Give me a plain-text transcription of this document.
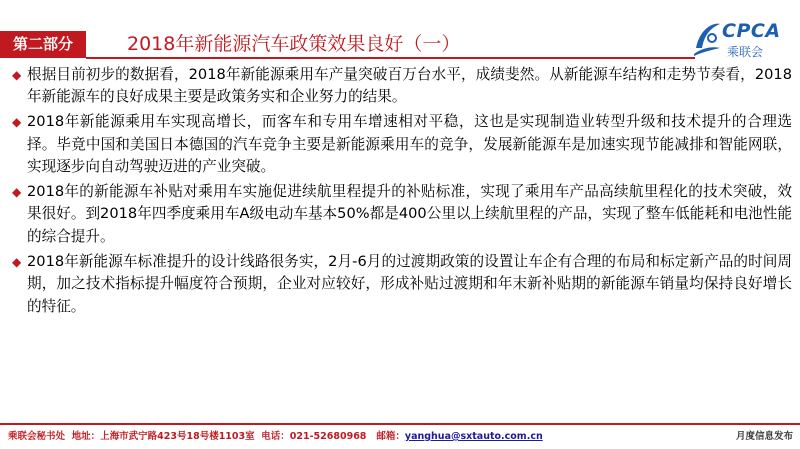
第二部分	2018年新能源汽车政策效果良好（一）
CPCA
乘联会
◆ 根据目前初步的数据看，2018年新能源乘用车产量突破百万台水平，成绩斐然。从新能源车结构和走势节奏看，2018年新能源车的良好成果主要是政策务实和企业努力的结果。
◆ 2018年新能源乘用车实现高增长，而客车和专用车增速相对平稳，这也是实现制造业转型升级和技术提升的合理选择。毕竟中国和美国日本德国的汽车竞争主要是新能源乘用车的竞争，发展新能源车是加速实现节能减排和智能网联，实现逐步向自动驾驶迈进的产业突破。
◆ 2018年的新能源车补贴对乘用车实施促进续航里程提升的补贴标准，实现了乘用车产品高续航里程化的技术突破，效果很好。到2018年四季度乘用车A级电动车基本50%都是400公里以上续航里程的产品，实现了整车低能耗和电池性能的综合提升。
◆ 2018年新能源车标准提升的设计线路很务实，2月-6月的过渡期政策的设置让车企有合理的布局和标定新产品的时间周期，加之技术指标提升幅度符合预期，企业对应较好，形成补贴过渡期和年末新补贴期的新能源车销量均保持良好增长的特征。
乘联会秘书处 地址：上海市武宁路423号18号楼1103室 电话：021-52680968 邮箱：yanghua@sxtauto.com.cn	月度信息发布
